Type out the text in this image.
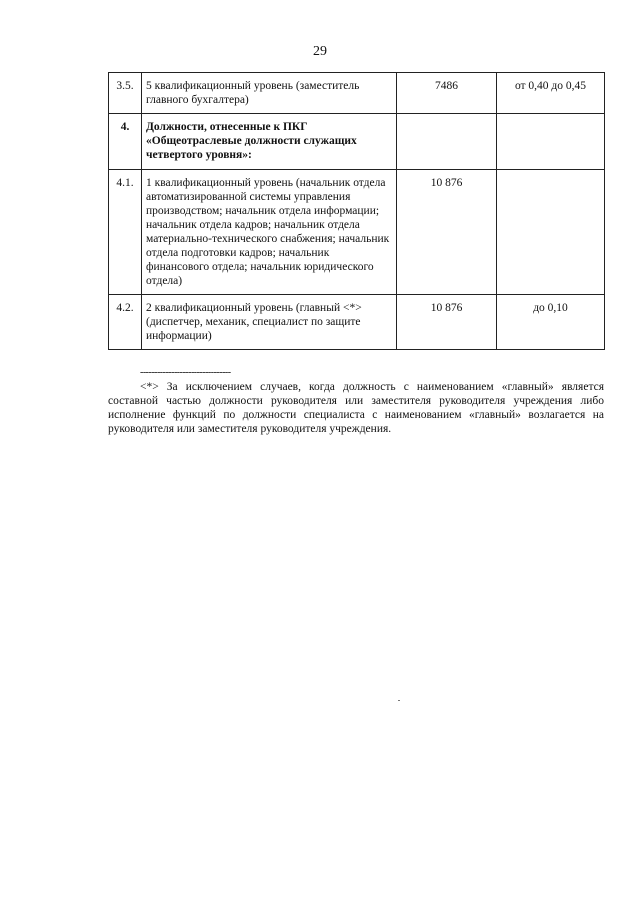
29
3.5.	5 квалификационный уровень (заместитель главного бухгалтера)	7486	от 0,40 до 0,45
4.	Должности, отнесенные к ПКГ «Общеотраслевые должности служащих четвертого уровня»:		
4.1.	1 квалификационный уровень (начальник отдела автоматизированной системы управления производством; начальник отдела информации; начальник отдела кадров; начальник отдела материально-технического снабжения; начальник отдела подготовки кадров; начальник финансового отдела; начальник юридического отдела)	10 876	
4.2.	2 квалификационный уровень (главный <*> (диспетчер, механик, специалист по защите информации)	10 876	до 0,10
--------------------------------
<*> За исключением случаев, когда должность с наименованием «главный» является составной частью должности руководителя или заместителя руководителя учреждения либо исполнение функций по должности специалиста с наименованием «главный» возлагается на руководителя или заместителя руководителя учреждения.
